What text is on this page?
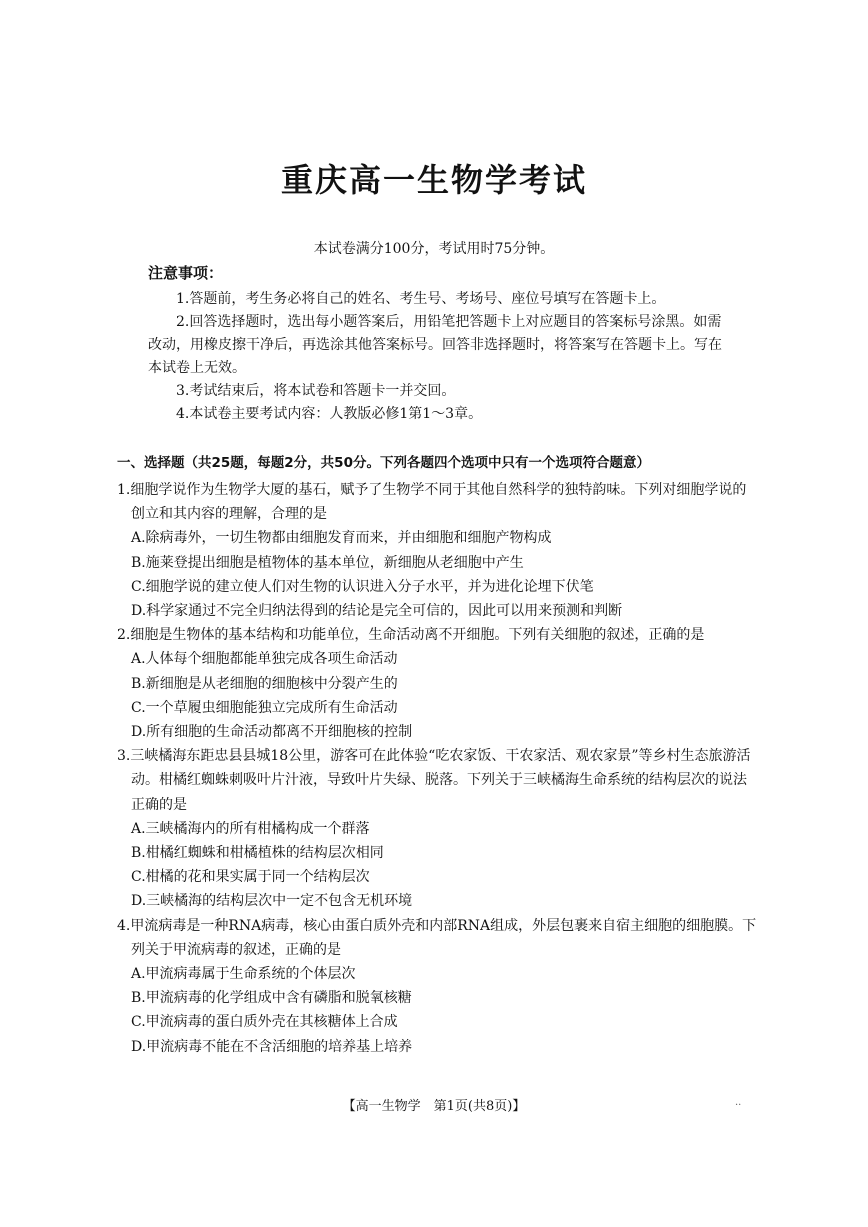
重庆高一生物学考试
本试卷满分100分，考试用时75分钟。
注意事项：

1.答题前，考生务必将自己的姓名、考生号、考场号、座位号填写在答题卡上。

2.回答选择题时，选出每小题答案后，用铅笔把答题卡上对应题目的答案标号涂黑。如需改动，用橡皮擦干净后，再选涂其他答案标号。回答非选择题时，将答案写在答题卡上。写在本试卷上无效。

3.考试结束后，将本试卷和答题卡一并交回。

4.本试卷主要考试内容：人教版必修1第1～3章。

一、选择题（共25题，每题2分，共50分。下列各题四个选项中只有一个选项符合题意）

1.细胞学说作为生物学大厦的基石，赋予了生物学不同于其他自然科学的独特韵味。下列对细胞学说的创立和其内容的理解，合理的是

A.除病毒外，一切生物都由细胞发育而来，并由细胞和细胞产物构成

B.施莱登提出细胞是植物体的基本单位，新细胞从老细胞中产生

C.细胞学说的建立使人们对生物的认识进入分子水平，并为进化论埋下伏笔

D.科学家通过不完全归纳法得到的结论是完全可信的，因此可以用来预测和判断

2.细胞是生物体的基本结构和功能单位，生命活动离不开细胞。下列有关细胞的叙述，正确的是

A.人体每个细胞都能单独完成各项生命活动

B.新细胞是从老细胞的细胞核中分裂产生的

C.一个草履虫细胞能独立完成所有生命活动

D.所有细胞的生命活动都离不开细胞核的控制

3.三峡橘海东距忠县县城18公里，游客可在此体验“吃农家饭、干农家活、观农家景”等乡村生态旅游活动。柑橘红蜘蛛刺吸叶片汁液，导致叶片失绿、脱落。下列关于三峡橘海生命系统的结构层次的说法正确的是

A.三峡橘海内的所有柑橘构成一个群落

B.柑橘红蜘蛛和柑橘植株的结构层次相同

C.柑橘的花和果实属于同一个结构层次

D.三峡橘海的结构层次中一定不包含无机环境

4.甲流病毒是一种RNA病毒，核心由蛋白质外壳和内部RNA组成，外层包裹来自宿主细胞的细胞膜。下列关于甲流病毒的叙述，正确的是

A.甲流病毒属于生命系统的个体层次

B.甲流病毒的化学组成中含有磷脂和脱氧核糖

C.甲流病毒的蛋白质外壳在其核糖体上合成

D.甲流病毒不能在不含活细胞的培养基上培养

【高一生物学　第1页(共8页)】	··
